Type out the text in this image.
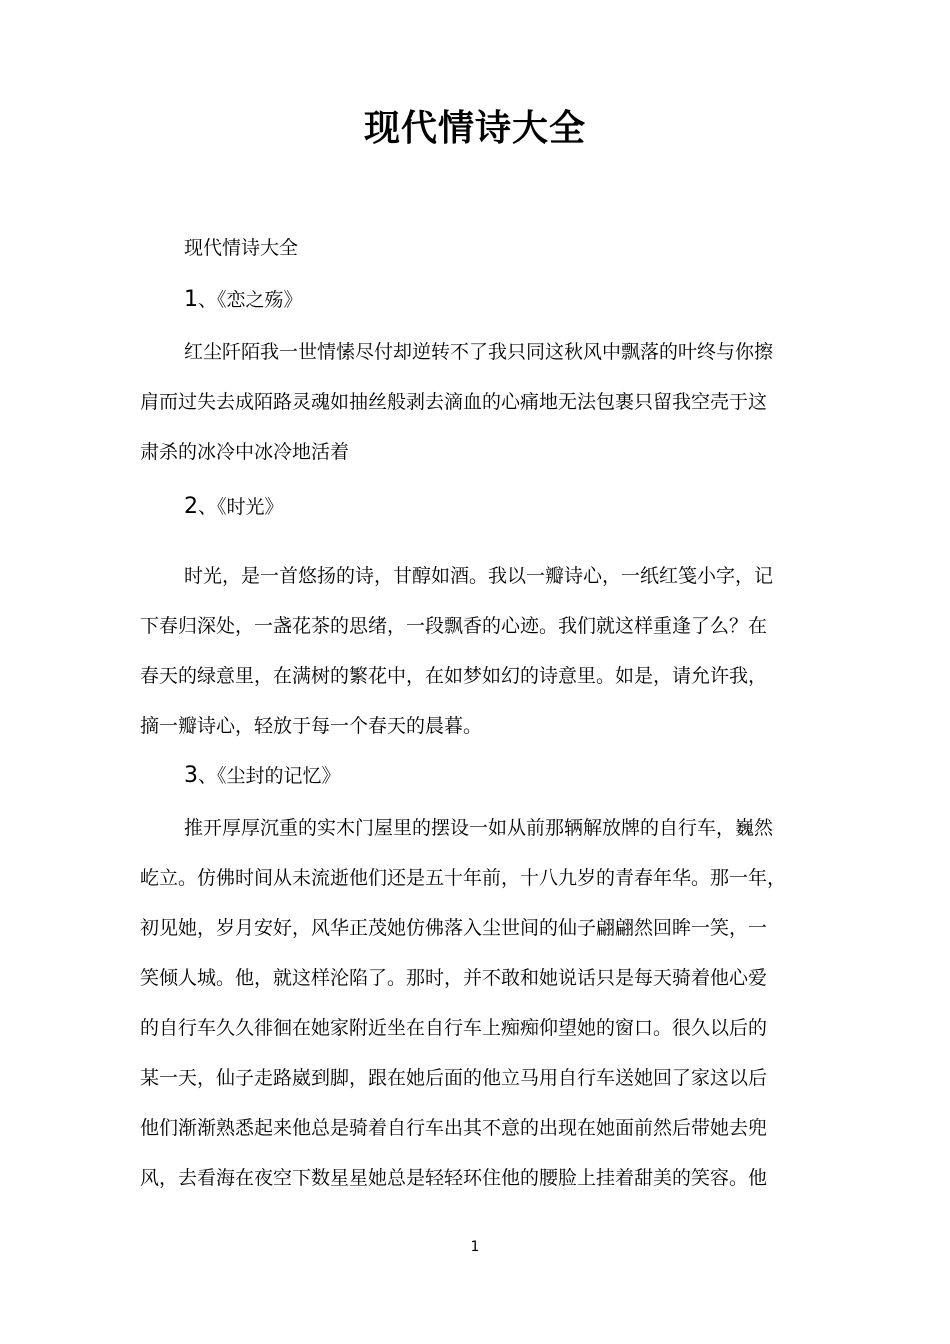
现代情诗大全
现代情诗大全
1、《恋之殇》
红尘阡陌我一世情愫尽付却逆转不了我只同这秋风中飘落的叶终与你擦
肩而过失去成陌路灵魂如抽丝般剥去滴血的心痛地无法包裹只留我空壳于这
肃杀的冰冷中冰冷地活着
2、《时光》
时光，是一首悠扬的诗，甘醇如酒。我以一瓣诗心，一纸红笺小字，记
下春归深处，一盏花茶的思绪，一段飘香的心迹。我们就这样重逢了么？在
春天的绿意里，在满树的繁花中，在如梦如幻的诗意里。如是，请允许我，
摘一瓣诗心，轻放于每一个春天的晨暮。
3、《尘封的记忆》
推开厚厚沉重的实木门屋里的摆设一如从前那辆解放牌的自行车，巍然
屹立。仿佛时间从未流逝他们还是五十年前，十八九岁的青春年华。那一年，
初见她，岁月安好，风华正茂她仿佛落入尘世间的仙子翩翩然回眸一笑，一
笑倾人城。他，就这样沦陷了。那时，并不敢和她说话只是每天骑着他心爱
的自行车久久徘徊在她家附近坐在自行车上痴痴仰望她的窗口。很久以后的
某一天，仙子走路崴到脚，跟在她后面的他立马用自行车送她回了家这以后
他们渐渐熟悉起来他总是骑着自行车出其不意的出现在她面前然后带她去兜
风，去看海在夜空下数星星她总是轻轻环住他的腰脸上挂着甜美的笑容。他
1
